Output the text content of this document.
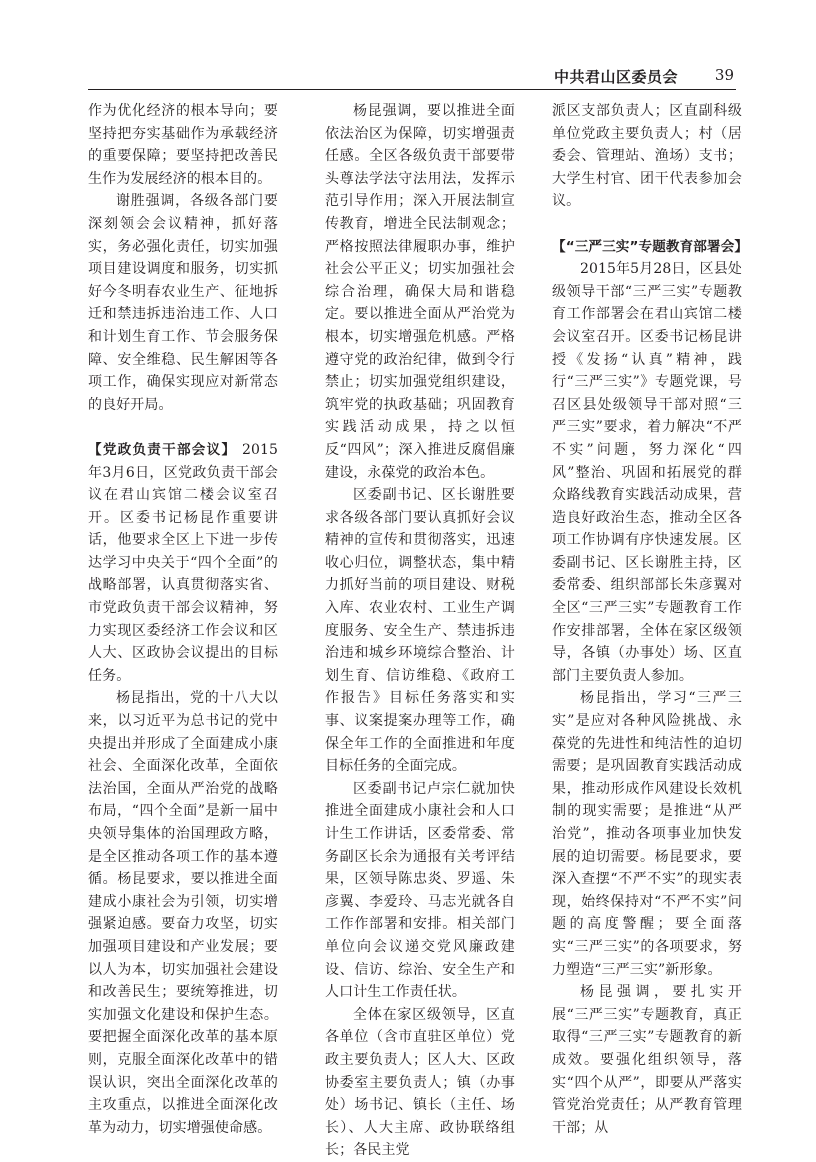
中共君山区委员会 39

作为优化经济的根本导向；要坚持把夯实基础作为承载经济的重要保障；要坚持把改善民生作为发展经济的根本目的。

谢胜强调，各级各部门要深刻领会会议精神，抓好落实，务必强化责任，切实加强项目建设调度和服务，切实抓好今冬明春农业生产、征地拆迁和禁违拆违治违工作、人口和计划生育工作、节会服务保障、安全维稳、民生解困等各项工作，确保实现应对新常态的良好开局。

【党政负责干部会议】 2015年3月6日，区党政负责干部会议在君山宾馆二楼会议室召开。区委书记杨昆作重要讲话，他要求全区上下进一步传达学习中央关于“四个全面”的战略部署，认真贯彻落实省、市党政负责干部会议精神，努力实现区委经济工作会议和区人大、区政协会议提出的目标任务。

杨昆指出，党的十八大以来，以习近平为总书记的党中央提出并形成了全面建成小康社会、全面深化改革，全面依法治国，全面从严治党的战略布局，“四个全面”是新一届中央领导集体的治国理政方略，是全区推动各项工作的基本遵循。杨昆要求，要以推进全面建成小康社会为引领，切实增强紧迫感。要奋力攻坚，切实加强项目建设和产业发展；要以人为本，切实加强社会建设和改善民生；要统筹推进，切实加强文化建设和保护生态。要把握全面深化改革的基本原则，克服全面深化改革中的错误认识，突出全面深化改革的主攻重点，以推进全面深化改革为动力，切实增强使命感。

杨昆强调，要以推进全面依法治区为保障，切实增强责任感。全区各级负责干部要带头尊法学法守法用法，发挥示范引导作用；深入开展法制宣传教育，增进全民法制观念；严格按照法律履职办事，维护社会公平正义；切实加强社会综合治理，确保大局和谐稳定。要以推进全面从严治党为根本，切实增强危机感。严格遵守党的政治纪律，做到令行禁止；切实加强党组织建设，筑牢党的执政基础；巩固教育实践活动成果，持之以恒反“四风”；深入推进反腐倡廉建设，永葆党的政治本色。

区委副书记、区长谢胜要求各级各部门要认真抓好会议精神的宣传和贯彻落实，迅速收心归位，调整状态，集中精力抓好当前的项目建设、财税入库、农业农村、工业生产调度服务、安全生产、禁违拆违治违和城乡环境综合整治、计划生育、信访维稳、《政府工作报告》目标任务落实和实事、议案提案办理等工作，确保全年工作的全面推进和年度目标任务的全面完成。

区委副书记卢宗仁就加快推进全面建成小康社会和人口计生工作讲话，区委常委、常务副区长余为通报有关考评结果，区领导陈忠炎、罗遥、朱彦翼、李爱玲、马志光就各自工作作部署和安排。相关部门单位向会议递交党风廉政建设、信访、综治、安全生产和人口计生工作责任状。

全体在家区级领导，区直各单位（含市直驻区单位）党政主要负责人；区人大、区政协委室主要负责人；镇（办事处）场书记、镇长（主任、场长）、人大主席、政协联络组长；各民主党

派区支部负责人；区直副科级单位党政主要负责人；村（居委会、管理站、渔场）支书；大学生村官、团干代表参加会议。

【“三严三实”专题教育部署会】

2015年5月28日，区县处级领导干部“三严三实”专题教育工作部署会在君山宾馆二楼会议室召开。区委书记杨昆讲授《发扬“认真”精神，践行“三严三实”》专题党课，号召区县处级领导干部对照“三严三实”要求，着力解决“不严不实”问题，努力深化“四风”整治、巩固和拓展党的群众路线教育实践活动成果，营造良好政治生态，推动全区各项工作协调有序快速发展。区委副书记、区长谢胜主持，区委常委、组织部部长朱彦翼对全区“三严三实”专题教育工作作安排部署，全体在家区级领导，各镇（办事处）场、区直部门主要负责人参加。

杨昆指出，学习“三严三实”是应对各种风险挑战、永葆党的先进性和纯洁性的迫切需要；是巩固教育实践活动成果，推动形成作风建设长效机制的现实需要；是推进“从严治党”，推动各项事业加快发展的迫切需要。杨昆要求，要深入查摆“不严不实”的现实表现，始终保持对“不严不实”问题的高度警醒；要全面落实“三严三实”的各项要求，努力塑造“三严三实”新形象。

杨昆强调，要扎实开展“三严三实”专题教育，真正取得“三严三实”专题教育的新成效。要强化组织领导，落实“四个从严”，即要从严落实管党治党责任；从严教育管理干部；从
